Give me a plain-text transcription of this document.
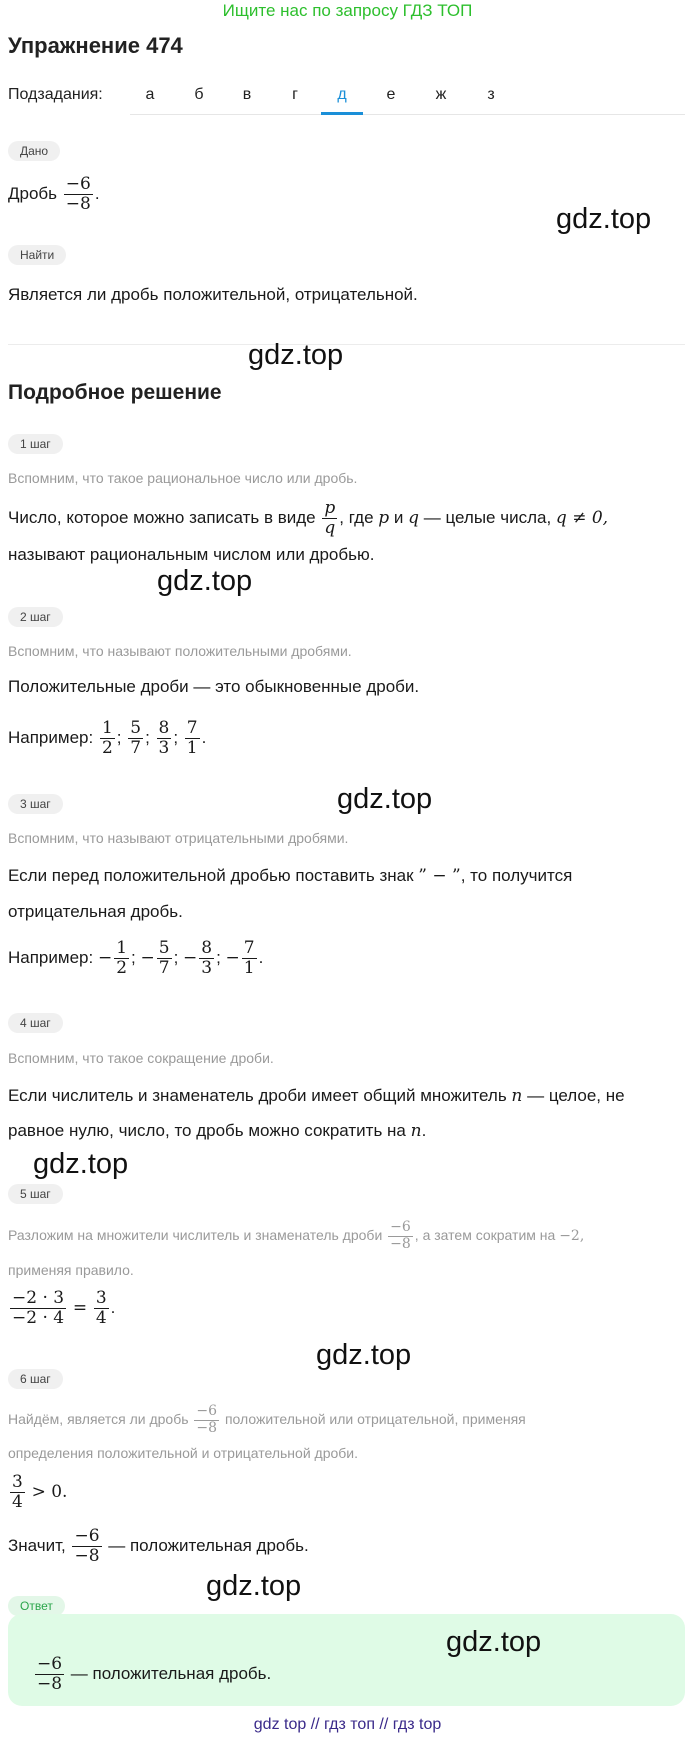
Ищите нас по запросу ГДЗ ТОП
Упражнение 474
Подзадания:	а	б	в	г	д	е	ж	з
Дано
Дробь $\frac{-6}{-8}$ .
gdz.top
Найти
Является ли дробь положительной, отрицательной.
gdz.top
Подробное решение
1 шаг
Вспомним, что такое рациональное число или дробь.
Число, которое можно записать в виде $\frac{p}{q}$ , где p и q — целые числа, q ≠ 0,
называют рациональным числом или дробью.
gdz.top
2 шаг
Вспомним, что называют положительными дробями.
Положительные дроби — это обыкновенные дроби.
Например: $\frac{1}{2}$ ; $\frac{5}{7}$ ; $\frac{8}{3}$ ; $\frac{7}{1}$ .
gdz.top
3 шаг
Вспомним, что называют отрицательными дробями.
Если перед положительной дробью поставить знак ” − ”, то получится
отрицательная дробь.
Например: − $\frac{1}{2}$ ; − $\frac{5}{7}$ ; − $\frac{8}{3}$ ; − $\frac{7}{1}$ .
4 шаг
Вспомним, что такое сокращение дроби.
Если числитель и знаменатель дроби имеет общий множитель n — целое, не
равное нулю, число, то дробь можно сократить на n.
gdz.top
5 шаг
Разложим на множители числитель и знаменатель дроби $\frac{-6}{-8}$ , а затем сократим на −2,
применяя правило.
$\frac{-2 \cdot 3}{-2 \cdot 4} = \frac{3}{4}$ .
gdz.top
6 шаг
Найдём, является ли дробь $\frac{-6}{-8}$ положительной или отрицательной, применяя
определения положительной и отрицательной дроби.
$\frac{3}{4} > 0$.
Значит, $\frac{-6}{-8}$ — положительная дробь.
gdz.top
Ответ
gdz.top
$\frac{-6}{-8}$ — положительная дробь.
gdz top // гдз топ // гдз top
